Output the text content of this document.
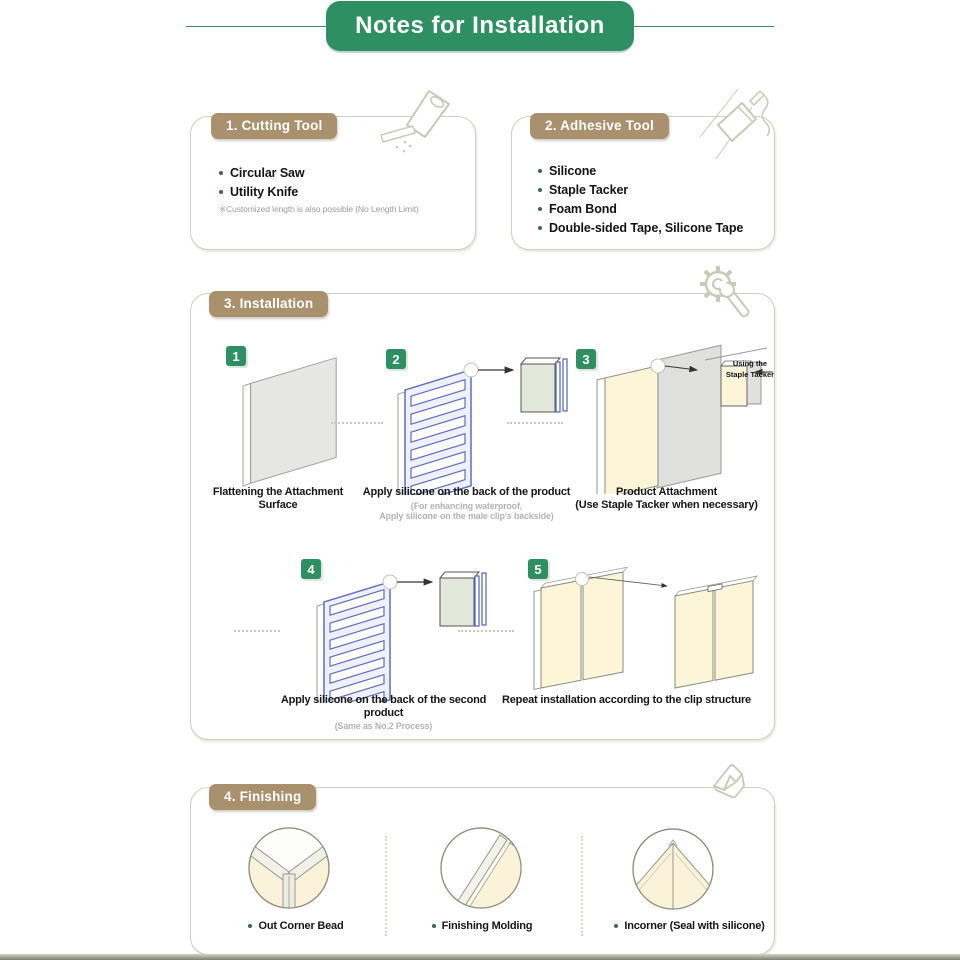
Notes for Installation
1. Cutting Tool
Circular Saw
Utility Knife
※Customized length is also possible (No Length Limit)
2. Adhesive Tool
Silicone
Staple Tacker
Foam Bond
Double-sided Tape, Silicone Tape
3. Installation
1	2	3
4	5
Using the
Staple Tacker
Flattening the Attachment Surface
Apply silicone on the back of the product
(For enhancing waterproof,
Apply silicone on the male clip's backside)
Product Attachment
(Use Staple Tacker when necessary)
Apply silicone on the back of the second product
(Same as No.2 Process)
Repeat installation according to the clip structure
4. Finishing
Out Corner Bead	Finishing Molding	Incorner (Seal with silicone)
